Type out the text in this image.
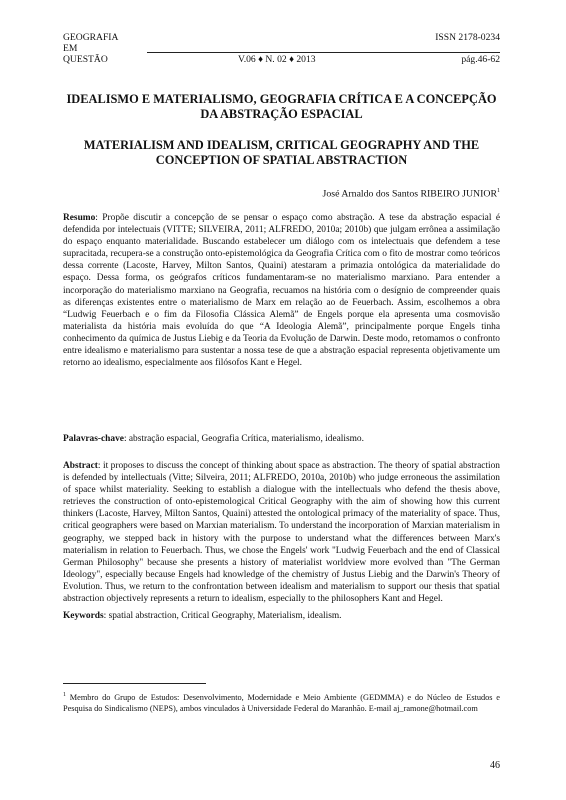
GEOGRAFIA	ISSN 2178-0234
EM
QUESTÃO	V.06 ♦ N. 02 ♦ 2013	pág.46-62
IDEALISMO E MATERIALISMO, GEOGRAFIA CRÍTICA E A CONCEPÇÃO DA ABSTRAÇÃO ESPACIAL
MATERIALISM AND IDEALISM, CRITICAL GEOGRAPHY AND THE CONCEPTION OF SPATIAL ABSTRACTION
José Arnaldo dos Santos RIBEIRO JUNIOR$^1$

Resumo: Propõe discutir a concepção de se pensar o espaço como abstração. A tese da abstração espacial é defendida por intelectuais (VITTE; SILVEIRA, 2011; ALFREDO, 2010a; 2010b) que julgam errônea a assimilação do espaço enquanto materialidade. Buscando estabelecer um diálogo com os intelectuais que defendem a tese supracitada, recupera-se a construção onto-epistemológica da Geografia Crítica com o fito de mostrar como teóricos dessa corrente (Lacoste, Harvey, Milton Santos, Quaini) atestaram a primazia ontológica da materialidade do espaço. Dessa forma, os geógrafos críticos fundamentaram-se no materialismo marxiano. Para entender a incorporação do materialismo marxiano na Geografia, recuamos na história com o desígnio de compreender quais as diferenças existentes entre o materialismo de Marx em relação ao de Feuerbach. Assim, escolhemos a obra “Ludwig Feuerbach e o fim da Filosofia Clássica Alemã” de Engels porque ela apresenta uma cosmovisão materialista da história mais evoluída do que “A Ideologia Alemã”, principalmente porque Engels tinha conhecimento da química de Justus Liebig e da Teoria da Evolução de Darwin. Deste modo, retomamos o confronto entre idealismo e materialismo para sustentar a nossa tese de que a abstração espacial representa objetivamente um retorno ao idealismo, especialmente aos filósofos Kant e Hegel.

Palavras-chave: abstração espacial, Geografia Crítica, materialismo, idealismo.

Abstract: it proposes to discuss the concept of thinking about space as abstraction. The theory of spatial abstraction is defended by intellectuals (Vitte; Silveira, 2011; ALFREDO, 2010a, 2010b) who judge erroneous the assimilation of space whilst materiality. Seeking to establish a dialogue with the intellectuals who defend the thesis above, retrieves the construction of onto-epistemological Critical Geography with the aim of showing how this current thinkers (Lacoste, Harvey, Milton Santos, Quaini) attested the ontological primacy of the materiality of space. Thus, critical geographers were based on Marxian materialism. To understand the incorporation of Marxian materialism in geography, we stepped back in history with the purpose to understand what the differences between Marx's materialism in relation to Feuerbach. Thus, we chose the Engels' work "Ludwig Feuerbach and the end of Classical German Philosophy" because she presents a history of materialist worldview more evolved than "The German Ideology", especially because Engels had knowledge of the chemistry of Justus Liebig and the Darwin's Theory of Evolution. Thus, we return to the confrontation between idealism and materialism to support our thesis that spatial abstraction objectively represents a return to idealism, especially to the philosophers Kant and Hegel.

Keywords: spatial abstraction, Critical Geography, Materialism, idealism.

$^1$ Membro do Grupo de Estudos: Desenvolvimento, Modernidade e Meio Ambiente (GEDMMA) e do Núcleo de Estudos e Pesquisa do Sindicalismo (NEPS), ambos vinculados à Universidade Federal do Maranhão. E-mail aj_ramone@hotmail.com

46
